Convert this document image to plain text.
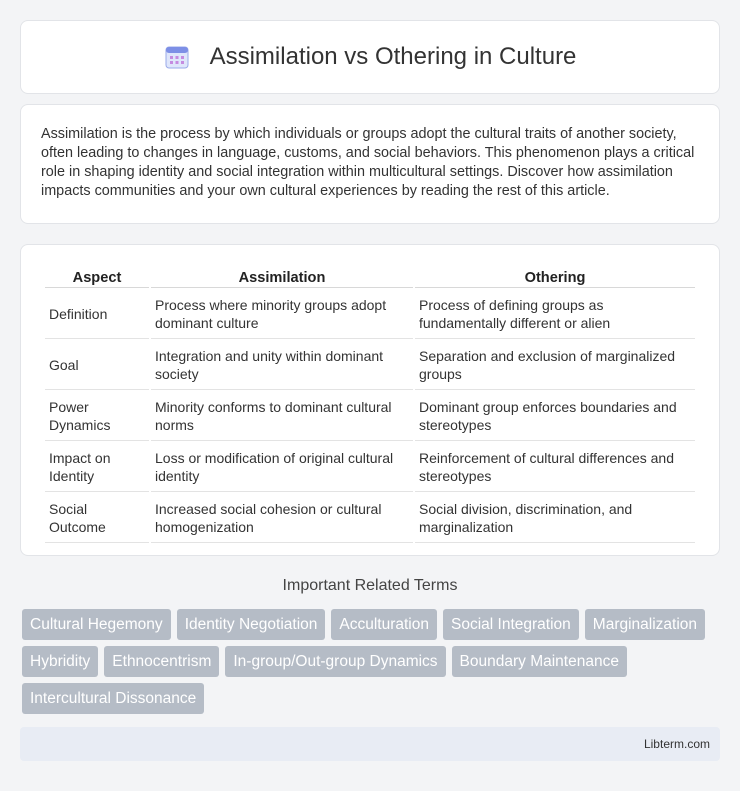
Assimilation vs Othering in Culture

Assimilation is the process by which individuals or groups adopt the cultural traits of another society, often leading to changes in language, customs, and social behaviors. This phenomenon plays a critical role in shaping identity and social integration within multicultural settings. Discover how assimilation impacts communities and your own cultural experiences by reading the rest of this article.

Aspect	Assimilation	Othering
Definition	Process where minority groups adopt dominant culture	Process of defining groups as fundamentally different or alien
Goal	Integration and unity within dominant society	Separation and exclusion of marginalized groups
Power Dynamics	Minority conforms to dominant cultural norms	Dominant group enforces boundaries and stereotypes
Impact on Identity	Loss or modification of original cultural identity	Reinforcement of cultural differences and stereotypes
Social Outcome	Increased social cohesion or cultural homogenization	Social division, discrimination, and marginalization
Important Related Terms
Cultural Hegemony	Identity Negotiation	Acculturation	Social Integration	Marginalization
Hybridity	Ethnocentrism	In-group/Out-group Dynamics	Boundary Maintenance
Intercultural Dissonance
Libterm.com
